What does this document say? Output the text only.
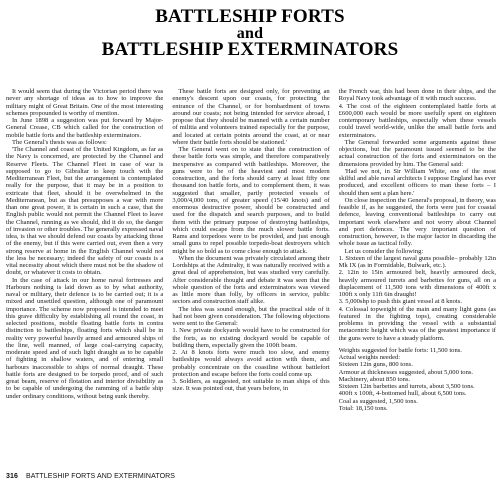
BATTLESHIP FORTS
and
BATTLESHIP EXTERMINATORS

It would seem that during the Victorian period there was never any shortage of ideas as to how to improve the military might of Great Britain. One of the most interesting schemes propounded is worthy of mention.

In June 1898 a suggestion was put forward by Major-General Crease, CB which called for the construction of mobile battle forts and the battleship exterminators.

The General's thesis was as follows:

'The Channel and coast of the United Kingdom, as far as the Navy is concerned, are protected by the Channel and Reserve Fleets. The Channel Fleet in case of war is supposed to go to Gibraltar to keep touch with the Mediterranean Fleet, but the arrangement is contemplated really for the purpose, that it may be in a position to extricate that fleet, should it be overwhelmed in the Mediterranean, but as that presupposes a war with more than one great power, it is certain in such a case, that the English public would not permit the Channel Fleet to leave the Channel, running as we should, did it do so, the danger of invasion or other troubles. The generally expressed naval idea, is that we should defend our coasts by attacking those of the enemy, but if this were carried out, even then a very strong reserve at home in the English Channel would not the less be necessary; indeed the safety of our coasts is a vital necessity about which there must not be the shadow of doubt, or whatever it costs to obtain.

In the case of attack in our home naval fortresses and Harbours nothing is laid down as to by what authority, naval or military, their defence is to be carried out; it is a mixed and unsettled question, although one of paramount importance. The scheme now proposed is intended to meet this grave difficulty by establishing all round the coast, in selected positions, mobile floating battle forts in contra distinction to battleships, floating forts which shall be in reality very powerful heavily armed and armoured ships of the line, well manned, of large coal-carrying capacity, moderate speed and of such light draught as to be capable of fighting in shallow waters, and of entering small harbours inaccessible to ships of normal draught. These battle forts are designed to be torpedo proof, and of such great beam, reserve of flotation and interior divisibility as to be capable of undergoing the ramming of a battle ship under ordinary conditions, without being sunk thereby.

These battle forts are designed only, for preventing an enemy's descent upon our coasts, for protecting the entrance of the Channel, or for bombardment of towns around our coasts; not being intended for service abroad, I propose that they should be manned with a certain number of militia and volunteers trained especially for the purpose, and located at certain points around the coast, at or near where their battle forts should be stationed.'

The General went on to state that the construction of these battle forts was simple, and therefore comparatively inexpensive as compared with battleships. Moreover, the guns were to be of the heaviest and most modern construction, and the forts should carry at least fifty one thousand ton battle forts, and to complement them, it was suggested that smaller, partly protected vessels of 3,000/4,000 tons, of greater speed (15/40 knots) and of enormous destructive power, should be constructed and used for the dispatch and search purposes, and to build them with the primary purpose of destroying battleships, which could escape from the much slower battle forts. Rams and torpedoes were to be provided, and just enough small guns to repel possible torpedo-boat destroyers which might be so bold as to come close enough to attack.

When the document was privately circulated among their Lordships at the Admiralty, it was naturally received with a great deal of apprehension, but was studied very carefully. After considerable thought and debate it was seen that the whole question of the forts and exterminators was viewed as little more than folly, by officers in service, public sectors and construction staff alike.

The idea was sound enough, but the practical side of it had not been given consideration. The following objections were sent to the General:

1. New private dockyards would have to be constructed for the forts, as no existing dockyard would be capable of building them, especially given the 100ft beam.

2. At 8 knots forts were much too slow, and enemy battleships would always avoid action with them, and probably concentrate on the coastline without battlefort protection and escape before the forts could come up.

3. Soldiers, as suggested, not suitable to man ships of this size. It was pointed out, that years before, in

the French war, this had been done in their ships, and the Royal Navy took advantage of it with much success.

4. The cost of the eighteen contemplated battle forts at £600,000 each would be more usefully spent on eighteen contemporary battleships, especially when these vessels could travel world-wide, unlike the small battle forts and exterminators.

The General forwarded some arguments against these objections, but the paramount issued seemed to be the actual construction of the forts and exterminators on the dimensions provided by him. The General said:

'Had we not, in Sir William White, one of the most skilful and able naval architects I suppose England has ever produced, and excellent officers to man these forts – I should then sent a plan here.'

On close inspection the General's proposal, in theory, was feasible if, as he suggested, the forts were just for coastal defence, leaving conventional battleships to carry out important work elsewhere and not worry about Channel and port defences. The very important question of construction, however, is the major factor in discarding the whole issue as tactical folly.

Let us consider the following:

1. Sixteen of the largest naval guns possible– probably 12in Mk IX (as in Formidable, Bulwark, etc.).

2. 12in to 15in armoured belt, heavily armoured deck, heavily armoured turrets and barbettes for guns, all on a displacement of 11,500 tons with dimensions of 400ft x 100ft x only 11ft 6in draught!

3. 5,000shp to push this giant vessel at 8 knots.

4. Colossal topweight of the main and many light guns (as featured in the fighting tops), creating considerable problems in providing the vessel with a substantial metacentric height which was of the greatest importance if the guns were to have a steady platform.

Weights suggested for battle forts: 11,500 tons.

Actual weights needed:

Sixteen 12in guns, 800 tons.

Armour at thicknesses suggested, about 5,000 tons.

Machinery, about 850 tons.

Sixteen 12in barbettes and turrets, about 3,500 tons.

400ft x 100ft, 4-bottomed hull, about 6,500 tons.

Coal as suggested, 1,500 tons.

Total: 18,150 tons.

316 BATTLESHIP FORTS AND EXTERMINATORS
